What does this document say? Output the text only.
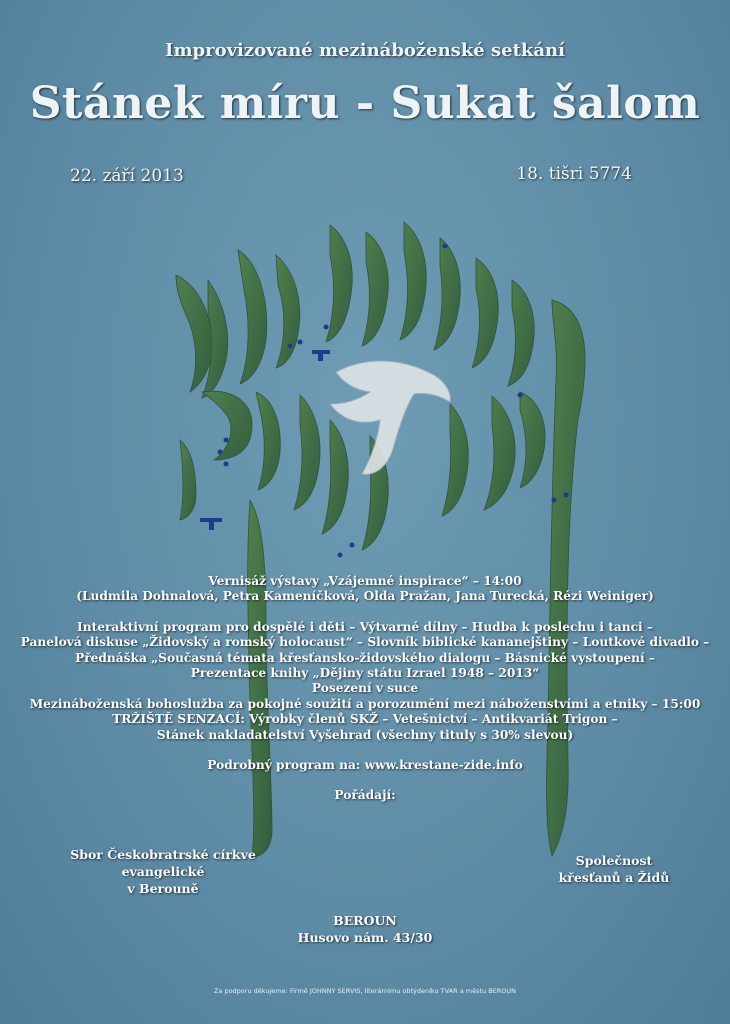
Improvizované mezináboženské setkání
Stánek míru - Sukat šalom
22. září 2013	18. tišri 5774
Vernisáž výstavy „Vzájemné inspirace“ – 14:00
(Ludmila Dohnalová, Petra Kameníčková, Olda Pražan, Jana Turecká, Rézi Weiniger)
Interaktivní program pro dospělé i děti – Výtvarné dílny – Hudba k poslechu i tanci –
Panelová diskuse „Židovský a romský holocaust“ – Slovník biblické kananejštiny – Loutkové divadlo –
Přednáška „Současná témata křesťansko-židovského dialogu – Básnické vystoupení –
Prezentace knihy „Dějiny státu Izrael 1948 – 2013“
Posezení v suce
Mezináboženská bohoslužba za pokojné soužití a porozumění mezi náboženstvími a etniky – 15:00
TRŽIŠTĚ SENZACÍ: Výrobky členů SKŽ – Vetešnictví – Antikvariát Trigon –
Stánek nakladatelství Vyšehrad (všechny tituly s 30% slevou)
Podrobný program na: www.krestane-zide.info
Pořádají:
Sbor Českobratrské církve
evangelické
v Berouně
Společnost
křesťanů a Židů
BEROUN
Husovo nám. 43/30
Za podporu děkujeme: Firmě JOHNNY SERVIS, literárnímu obtýdeníku TVAR a městu BEROUN
